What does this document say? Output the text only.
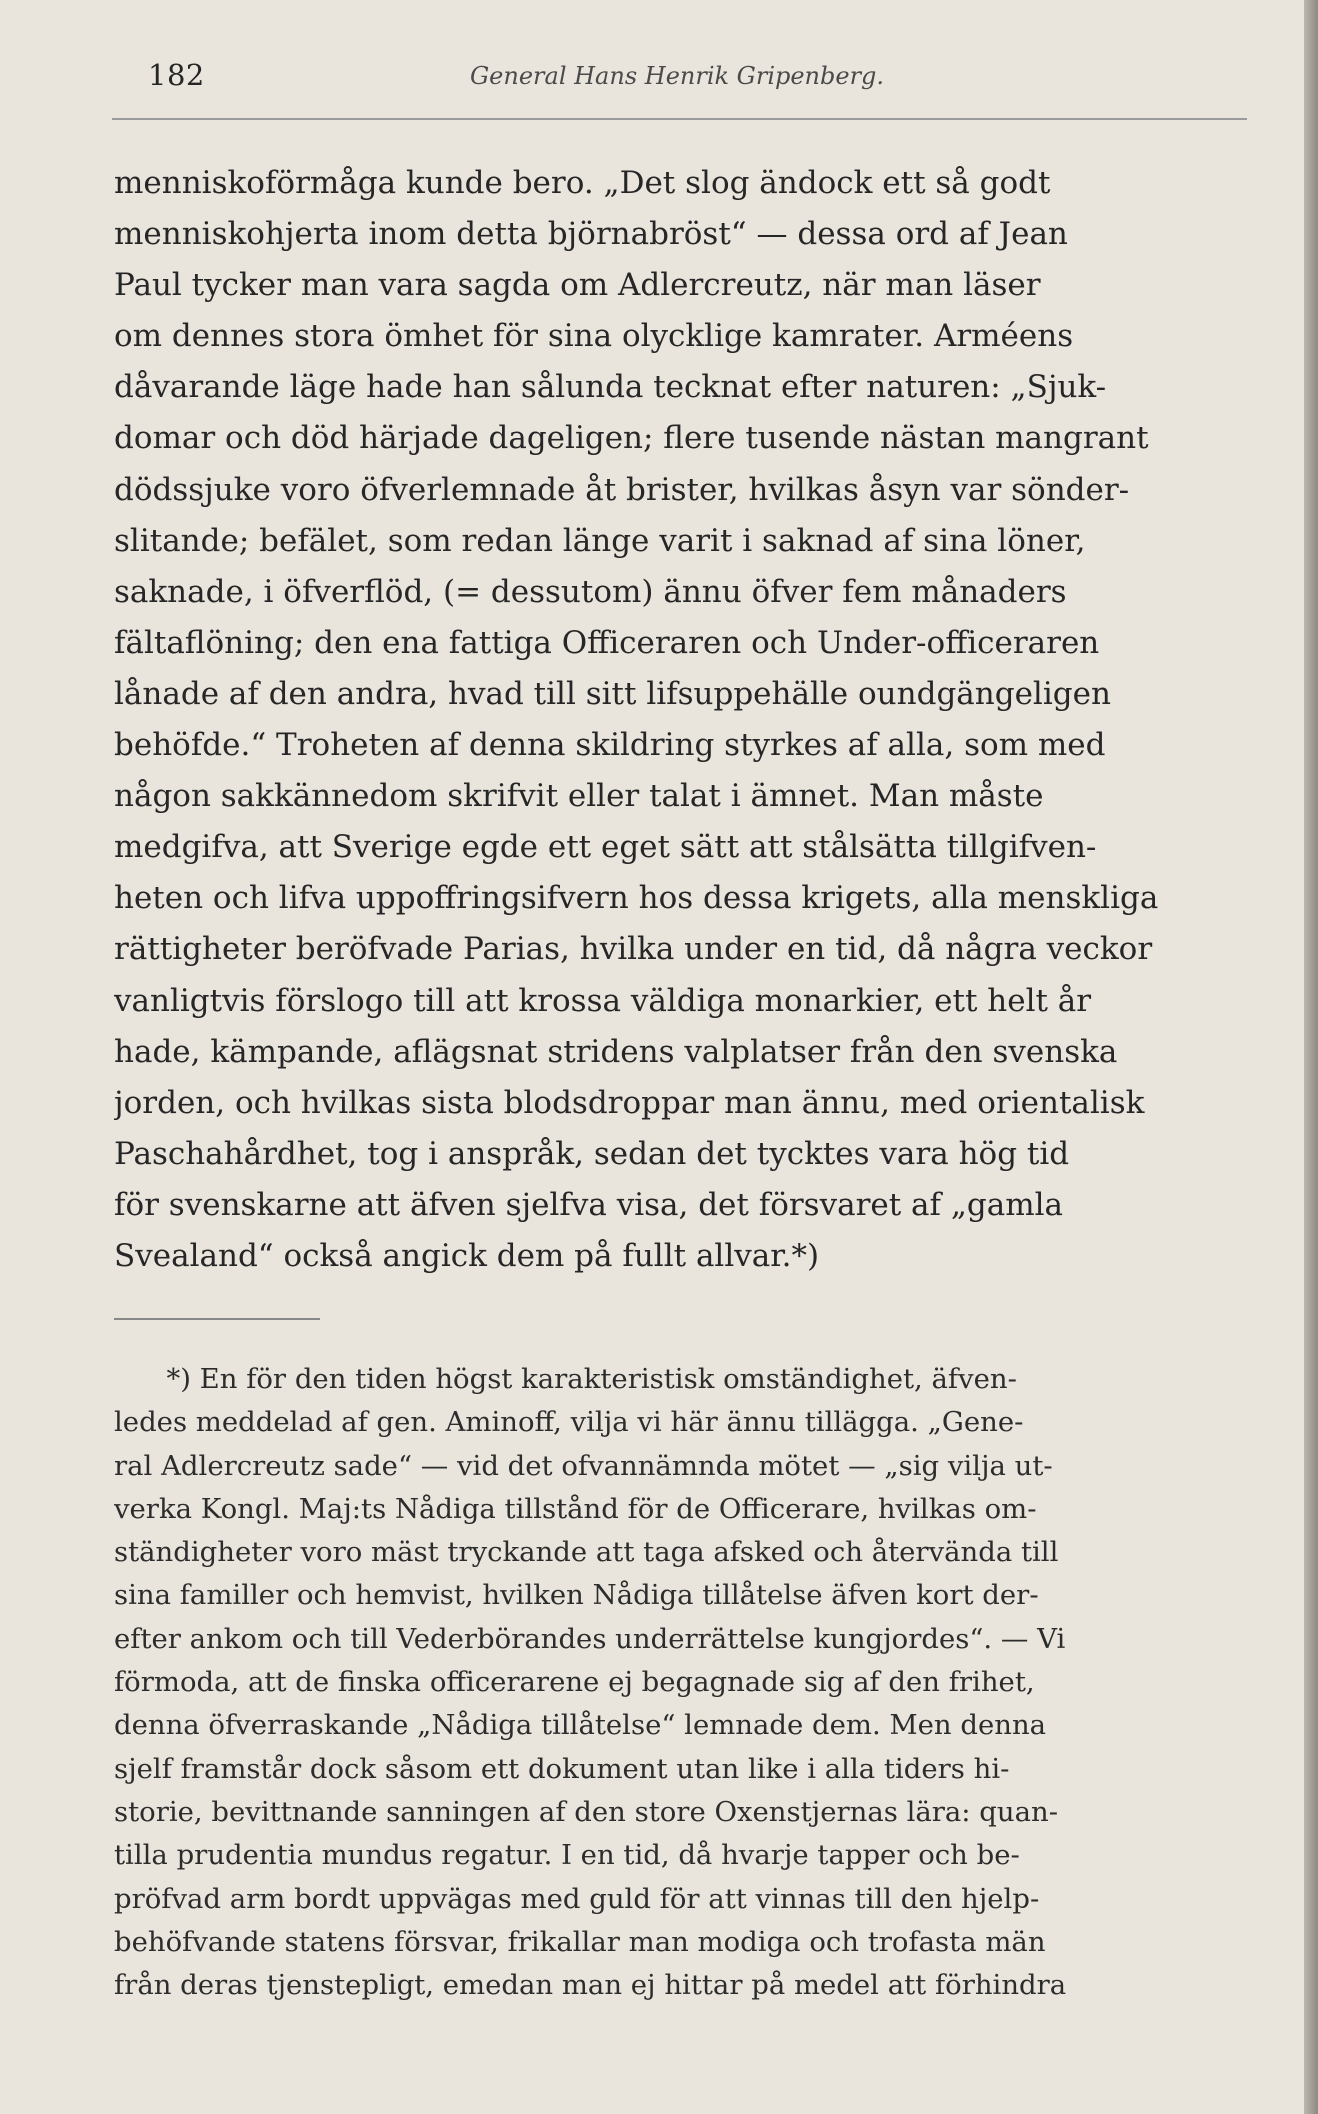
182	General Hans Henrik Gripenberg.
menniskoförmåga kunde bero. „Det slog ändock ett så godt
menniskohjerta inom detta björnabröst“ — dessa ord af Jean
Paul tycker man vara sagda om Adlercreutz, när man läser
om dennes stora ömhet för sina olycklige kamrater. Arméens
dåvarande läge hade han sålunda tecknat efter naturen: „Sjuk-
domar och död härjade dageligen; flere tusende nästan mangrant
dödssjuke voro öfverlemnade åt brister, hvilkas åsyn var sönder-
slitande; befälet, som redan länge varit i saknad af sina löner,
saknade, i öfverflöd, (= dessutom) ännu öfver fem månaders
fältaflöning; den ena fattiga Officeraren och Under-officeraren
lånade af den andra, hvad till sitt lifsuppehälle oundgängeligen
behöfde.“ Troheten af denna skildring styrkes af alla, som med
någon sakkännedom skrifvit eller talat i ämnet. Man måste
medgifva, att Sverige egde ett eget sätt att stålsätta tillgifven-
heten och lifva uppoffringsifvern hos dessa krigets, alla menskliga
rättigheter beröfvade Parias, hvilka under en tid, då några veckor
vanligtvis förslogo till att krossa väldiga monarkier, ett helt år
hade, kämpande, aflägsnat stridens valplatser från den svenska
jorden, och hvilkas sista blodsdroppar man ännu, med orientalisk
Paschahårdhet, tog i anspråk, sedan det tycktes vara hög tid
för svenskarne att äfven sjelfva visa, det försvaret af „gamla
Svealand“ också angick dem på fullt allvar.*)
*) En för den tiden högst karakteristisk omständighet, äfven-
ledes meddelad af gen. Aminoff, vilja vi här ännu tillägga. „Gene-
ral Adlercreutz sade“ — vid det ofvannämnda mötet — „sig vilja ut-
verka Kongl. Maj:ts Nådiga tillstånd för de Officerare, hvilkas om-
ständigheter voro mäst tryckande att taga afsked och återvända till
sina familler och hemvist, hvilken Nådiga tillåtelse äfven kort der-
efter ankom och till Vederbörandes underrättelse kungjordes“. — Vi
förmoda, att de finska officerarene ej begagnade sig af den frihet,
denna öfverraskande „Nådiga tillåtelse“ lemnade dem. Men denna
sjelf framstår dock såsom ett dokument utan like i alla tiders hi-
storie, bevittnande sanningen af den store Oxenstjernas lära: quan-
tilla prudentia mundus regatur. I en tid, då hvarje tapper och be-
pröfvad arm bordt uppvägas med guld för att vinnas till den hjelp-
behöfvande statens försvar, frikallar man modiga och trofasta män
från deras tjenstepligt, emedan man ej hittar på medel att förhindra
